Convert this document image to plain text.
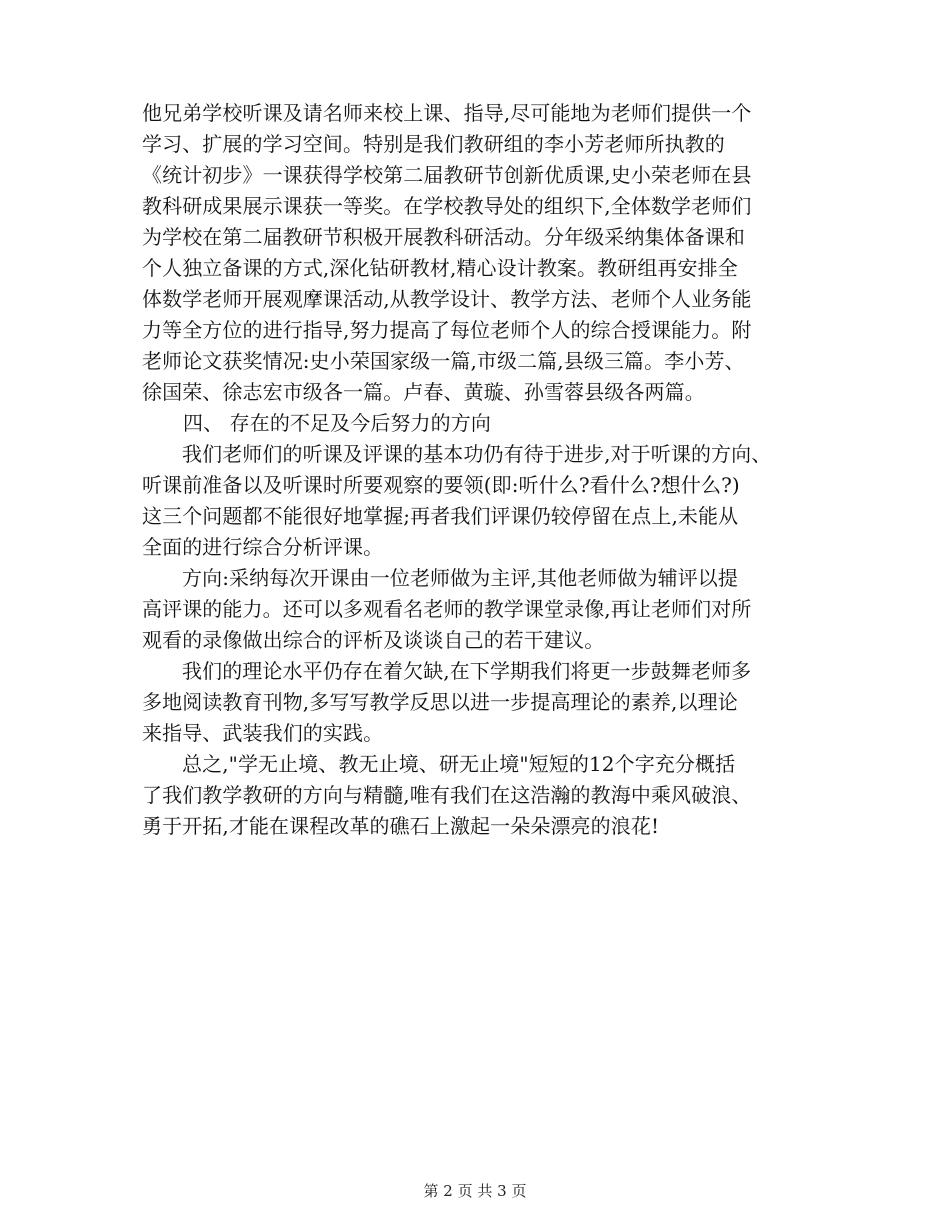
他兄弟学校听课及请名师来校上课、指导,尽可能地为老师们提供一个
学习、扩展的学习空间。特别是我们教研组的李小芳老师所执教的
《统计初步》一课获得学校第二届教研节创新优质课,史小荣老师在县
教科研成果展示课获一等奖。在学校教导处的组织下,全体数学老师们
为学校在第二届教研节积极开展教科研活动。分年级采纳集体备课和
个人独立备课的方式,深化钻研教材,精心设计教案。教研组再安排全
体数学老师开展观摩课活动,从教学设计、教学方法、老师个人业务能
力等全方位的进行指导,努力提高了每位老师个人的综合授课能力。附
老师论文获奖情况:史小荣国家级一篇,市级二篇,县级三篇。李小芳、
徐国荣、徐志宏市级各一篇。卢春、黄璇、孙雪蓉县级各两篇。
四、 存在的不足及今后努力的方向
我们老师们的听课及评课的基本功仍有待于进步,对于听课的方向、
听课前准备以及听课时所要观察的要领(即:听什么?看什么?想什么?)
这三个问题都不能很好地掌握;再者我们评课仍较停留在点上,未能从
全面的进行综合分析评课。
方向:采纳每次开课由一位老师做为主评,其他老师做为辅评以提
高评课的能力。还可以多观看名老师的教学课堂录像,再让老师们对所
观看的录像做出综合的评析及谈谈自己的若干建议。
我们的理论水平仍存在着欠缺,在下学期我们将更一步鼓舞老师多
多地阅读教育刊物,多写写教学反思以进一步提高理论的素养,以理论
来指导、武装我们的实践。
总之,"学无止境、教无止境、研无止境"短短的12个字充分概括
了我们教学教研的方向与精髓,唯有我们在这浩瀚的教海中乘风破浪、
勇于开拓,才能在课程改革的礁石上激起一朵朵漂亮的浪花!
第 2 页 共 3 页
